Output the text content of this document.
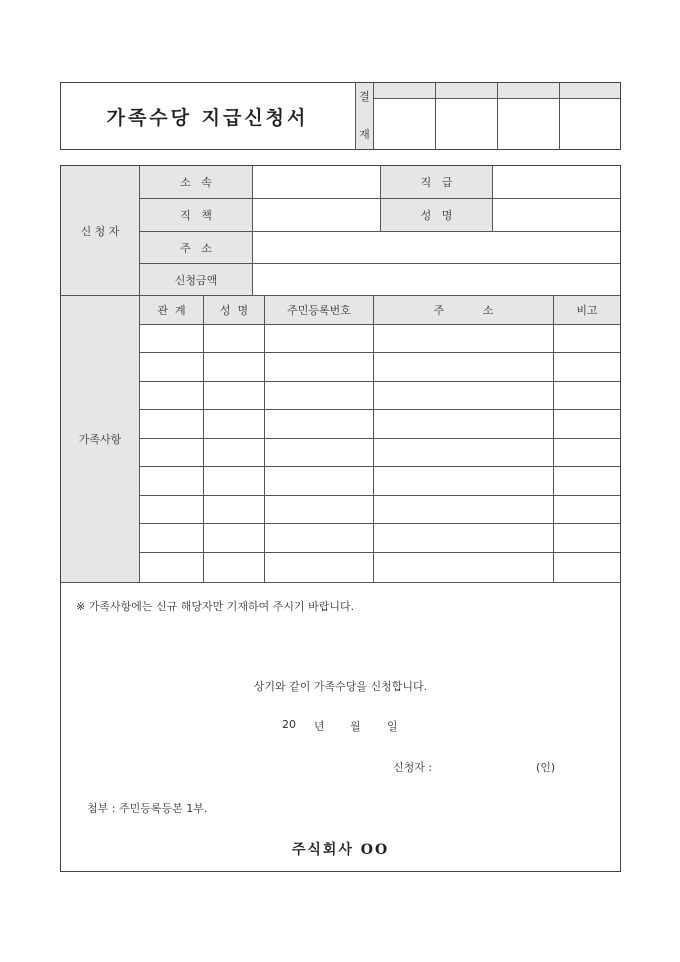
가족수당 지급신청서
결
재
신 청 자
소   속	직   급
직   책	성   명
주   소
신청금액
가족사항
관  계	성  명	주민등록번호	주           소	비고
※ 가족사항에는 신규 해당자만 기재하여 주시기 바랍니다.
상기와 같이 가족수당을 신청합니다.
20 년 월 일
신청자 :	(인)
첨부 : 주민등록등본 1부.
주식회사 OO
